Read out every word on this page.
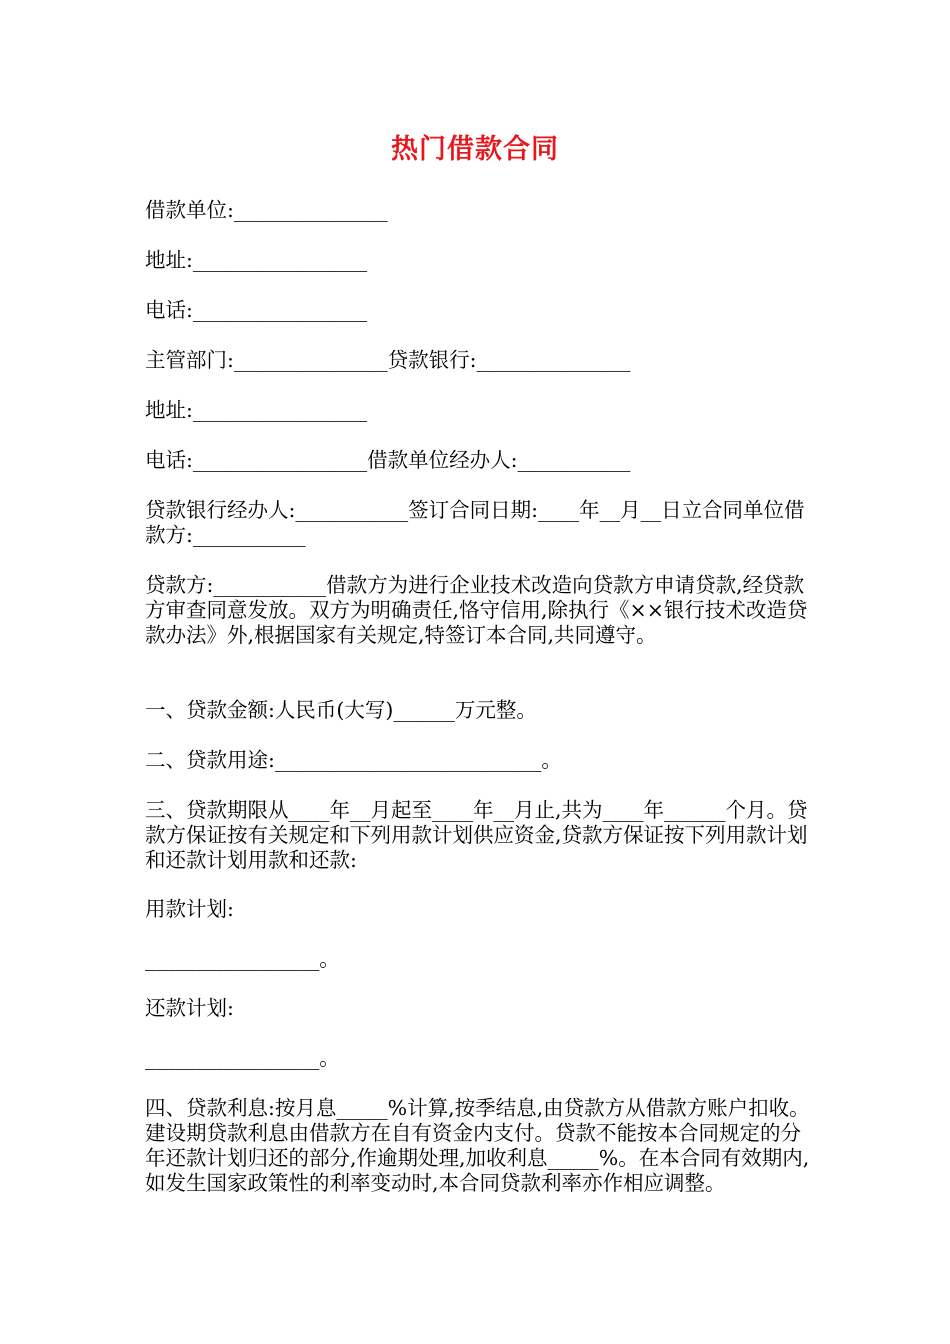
热门借款合同

借款单位:_______________

地址:_________________

电话:_________________

主管部门:_______________贷款银行:_______________

地址:_________________

电话:_________________借款单位经办人:___________

贷款银行经办人:___________签订合同日期:____年__月__日立合同单位借款方:___________

贷款方:___________借款方为进行企业技术改造向贷款方申请贷款,经贷款方审查同意发放。双方为明确责任,恪守信用,除执行《××银行技术改造贷款办法》外,根据国家有关规定,特签订本合同,共同遵守。

一、贷款金额:人民币(大写)______万元整。

二、贷款用途:__________________________。

三、贷款期限从____年__月起至____年__月止,共为____年______个月。贷款方保证按有关规定和下列用款计划供应资金,贷款方保证按下列用款计划和还款计划用款和还款:

用款计划:

_________________。

还款计划:

_________________。

四、贷款利息:按月息_____%计算,按季结息,由贷款方从借款方账户扣收。建设期贷款利息由借款方在自有资金内支付。贷款不能按本合同规定的分年还款计划归还的部分,作逾期处理,加收利息_____%。在本合同有效期内,如发生国家政策性的利率变动时,本合同贷款利率亦作相应调整。
